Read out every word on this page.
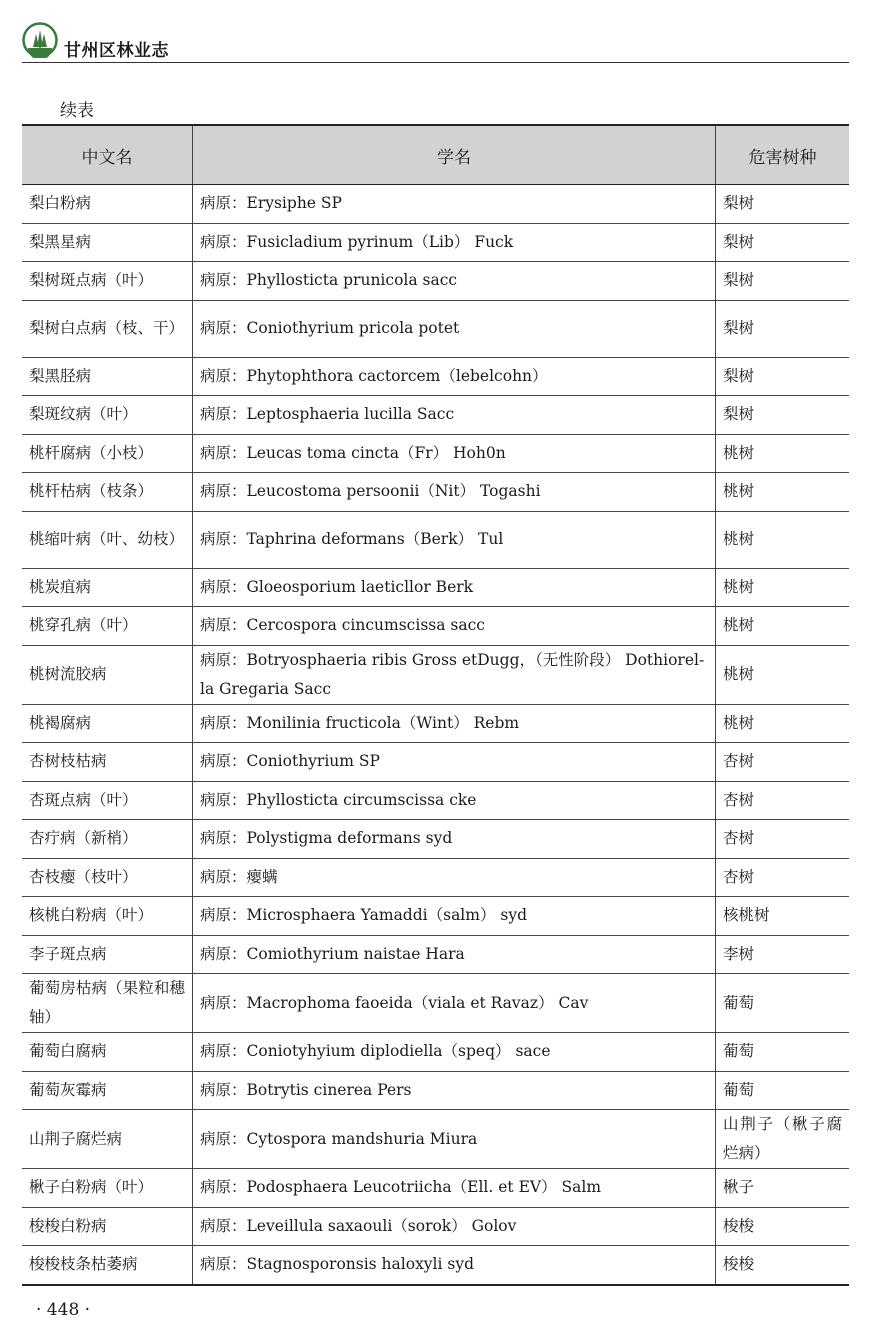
甘州区林业志
续表
中文名	学名	危害树种
梨白粉病	病原：Erysiphe SP	梨树
梨黑星病	病原：Fusicladium pyrinum（Lib） Fuck	梨树
梨树斑点病（叶）	病原：Phyllosticta prunicola sacc	梨树
梨树白点病（枝、干）	病原：Coniothyrium pricola potet	梨树
梨黑胫病	病原：Phytophthora cactorcem（lebelcohn）	梨树
梨斑纹病（叶）	病原：Leptosphaeria lucilla Sacc	梨树
桃杆腐病（小枝）	病原：Leucas toma cincta（Fr） Hoh0n	桃树
桃杆枯病（枝条）	病原：Leucostoma persoonii（Nit） Togashi	桃树
桃缩叶病（叶、幼枝）	病原：Taphrina deformans（Berk） Tul	桃树
桃炭疽病	病原：Gloeosporium laeticllor Berk	桃树
桃穿孔病（叶）	病原：Cercospora cincumscissa sacc	桃树
桃树流胶病	病原：Botryosphaeria ribis Gross etDugg，（无性阶段） Dothiorel-la Gregaria Sacc	桃树
桃褐腐病	病原：Monilinia fructicola（Wint） Rebm	桃树
杏树枝枯病	病原：Coniothyrium SP	杏树
杏斑点病（叶）	病原：Phyllosticta circumscissa cke	杏树
杏疔病（新梢）	病原：Polystigma deformans syd	杏树
杏枝瘿（枝叶）	病原：瘿螨	杏树
核桃白粉病（叶）	病原：Microsphaera Yamaddi（salm） syd	核桃树
李子斑点病	病原：Comiothyrium naistae Hara	李树
葡萄房枯病（果粒和穗轴）	病原：Macrophoma faoeida（viala et Ravaz） Cav	葡萄
葡萄白腐病	病原：Coniotyhyium diplodiella（speq） sace	葡萄
葡萄灰霉病	病原：Botrytis cinerea Pers	葡萄
山荆子腐烂病	病原：Cytospora mandshuria Miura	山荆子（楸子腐烂病）
楸子白粉病（叶）	病原：Podosphaera Leucotriicha（Ell. et EV） Salm	楸子
梭梭白粉病	病原：Leveillula saxaouli（sorok） Golov	梭梭
梭梭枝条枯萎病	病原：Stagnosporonsis haloxyli syd	梭梭
· 448 ·
